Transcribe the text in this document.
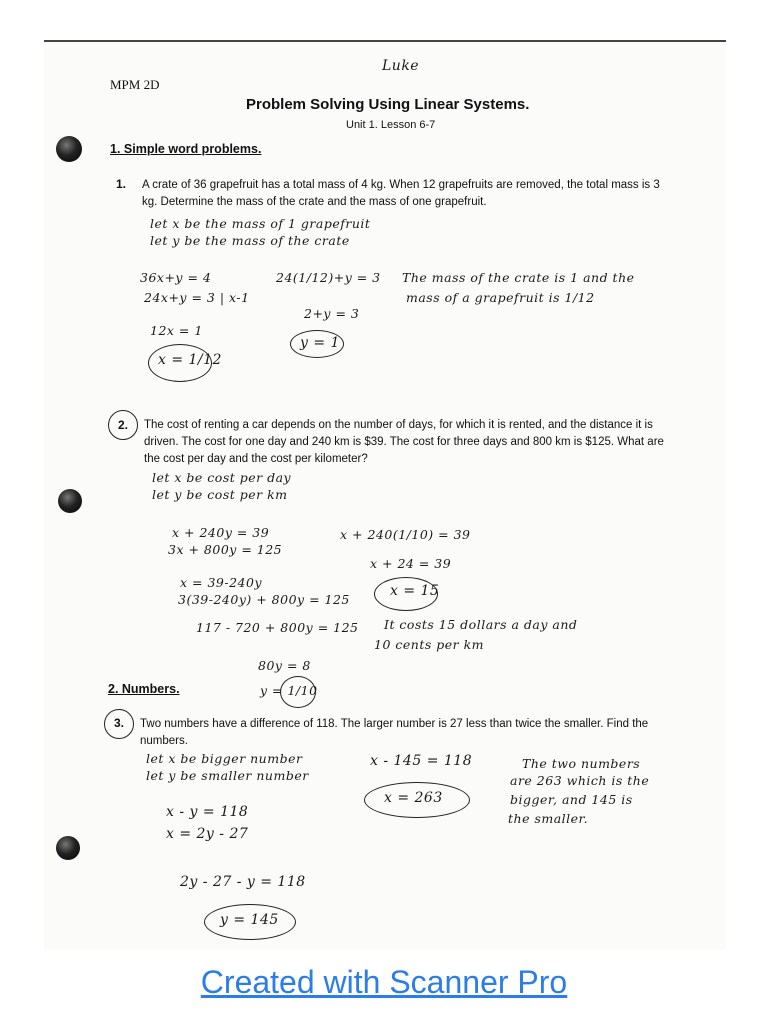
MPM 2D
Luke
Problem Solving Using Linear Systems.
Unit 1. Lesson 6-7
1. Simple word problems.
1. A crate of 36 grapefruit has a total mass of 4 kg. When 12 grapefruits are removed, the total mass is 3 kg. Determine the mass of the crate and the mass of one grapefruit.
let x be the mass of 1 grapefruit
let y be the mass of the crate
36x+y = 4
24x+y = 3 | x-1
12x = 1
x = 1/12
24(1/12)+y = 3
2+y = 3
y = 1
The mass of the crate is 1 and the
mass of a grapefruit is 1/12
2. The cost of renting a car depends on the number of days, for which it is rented, and the distance it is driven. The cost for one day and 240 km is $39. The cost for three days and 800 km is $125. What are the cost per day and the cost per kilometer?
let x be cost per day
let y be cost per km
x + 240y = 39
3x + 800y = 125
x = 39-240y
3(39-240y) + 800y = 125
117 - 720 + 800y = 125
80y = 8
y = 1/10
x + 240(1/10) = 39
x + 24 = 39
x = 15
It costs 15 dollars a day and
10 cents per km
2. Numbers.
3. Two numbers have a difference of 118. The larger number is 27 less than twice the smaller. Find the numbers.
let x be bigger number
let y be smaller number
x - y = 118
x = 2y - 27
2y - 27 - y = 118
y = 145
x - 145 = 118
x = 263
The two numbers
are 263 which is the
bigger, and 145 is
the smaller.
Created with Scanner Pro
